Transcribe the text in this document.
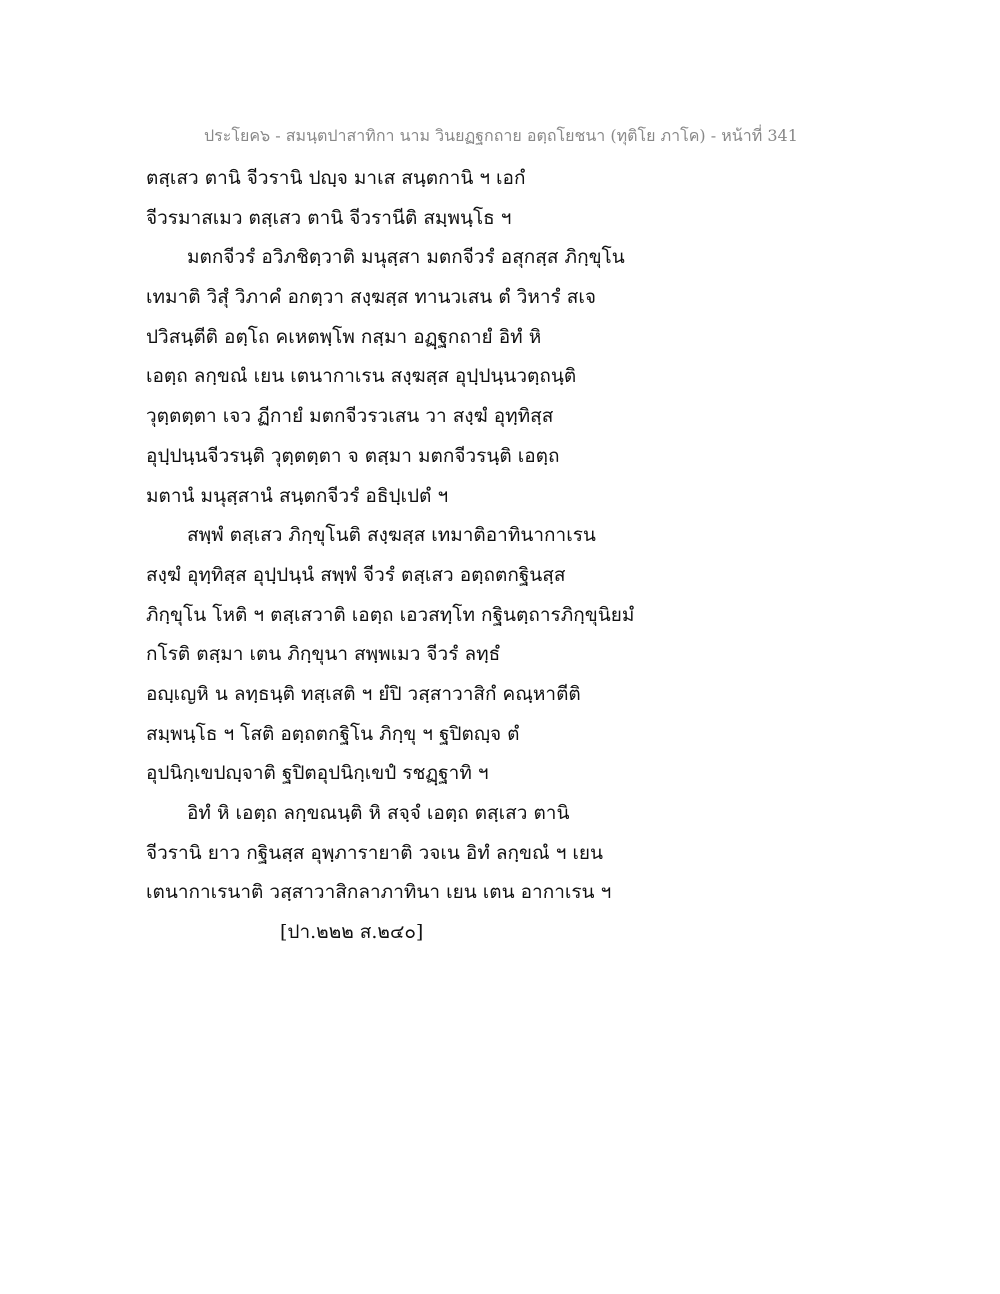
ประโยค๖ - สมนฺตปาสาทิกา นาม วินยฏฐกถาย อตฺถโยชนา (ทุติโย ภาโค) - หน้าที่ 341
ตสฺเสว ตานิ จีวรานิ ปญฺจ มาเส สนฺตกานิ ฯ เอกํ
จีวรมาสเมว ตสฺเสว ตานิ จีวรานีติ สมฺพนฺโธ ฯ
มตกจีวรํ อวิภชิตฺวาติ มนุสฺสา มตกจีวรํ อสุกสฺส ภิกฺขุโน
เทมาติ วิสุํ วิภาคํ อกตฺวา สงฺฆสฺส ทานวเสน ตํ วิหารํ สเจ
ปวิสนฺตีติ อตฺโถ คเหตพฺโพ กสฺมา อฏฺฐกถายํ อิทํ หิ
เอตฺถ ลกฺขณํ เยน เตนากาเรน สงฺฆสฺส อุปฺปนฺนวตฺถนฺติ
วุตฺตตฺตา เจว ฏีกายํ มตกจีวรวเสน วา สงฺฆํ อุทฺทิสฺส
อุปฺปนฺนจีวรนฺติ วุตฺตตฺตา จ ตสฺมา มตกจีวรนฺติ เอตฺถ
มตานํ มนุสฺสานํ สนฺตกจีวรํ อธิปฺเปตํ ฯ
สพฺพํ ตสฺเสว ภิกฺขุโนติ สงฺฆสฺส เทมาติอาทินากาเรน
สงฺฆํ อุทฺทิสฺส อุปฺปนฺนํ สพฺพํ จีวรํ ตสฺเสว อตฺถตกฐินสฺส
ภิกฺขุโน โหติ ฯ ตสฺเสวาติ เอตฺถ เอวสทฺโท กฐินตฺถารภิกฺขุนิยมํ
กโรติ ตสฺมา เตน ภิกฺขุนา สพฺพเมว จีวรํ ลทฺธํ
อญฺเญหิ น ลทฺธนฺติ ทสฺเสติ ฯ ยํปิ วสฺสาวาสิกํ คณฺหาตีติ
สมฺพนฺโธ ฯ โสติ อตฺถตกฐิโน ภิกฺขุ ฯ ฐปิตญฺจ ตํ
อุปนิกฺเขปญฺจาติ ฐปิตอุปนิกฺเขปํ รชฏฺฐาทิ ฯ
อิทํ หิ เอตฺถ ลกฺขณนฺติ หิ สจฺจํ เอตฺถ ตสฺเสว ตานิ
จีวรานิ ยาว กฐินสฺส อุพฺภารายาติ วจเน อิทํ ลกฺขณํ ฯ เยน
เตนากาเรนาติ วสฺสาวาสิกลาภาทินา เยน เตน อากาเรน ฯ
[ปา.๒๒๒ ส.๒๔๐]
